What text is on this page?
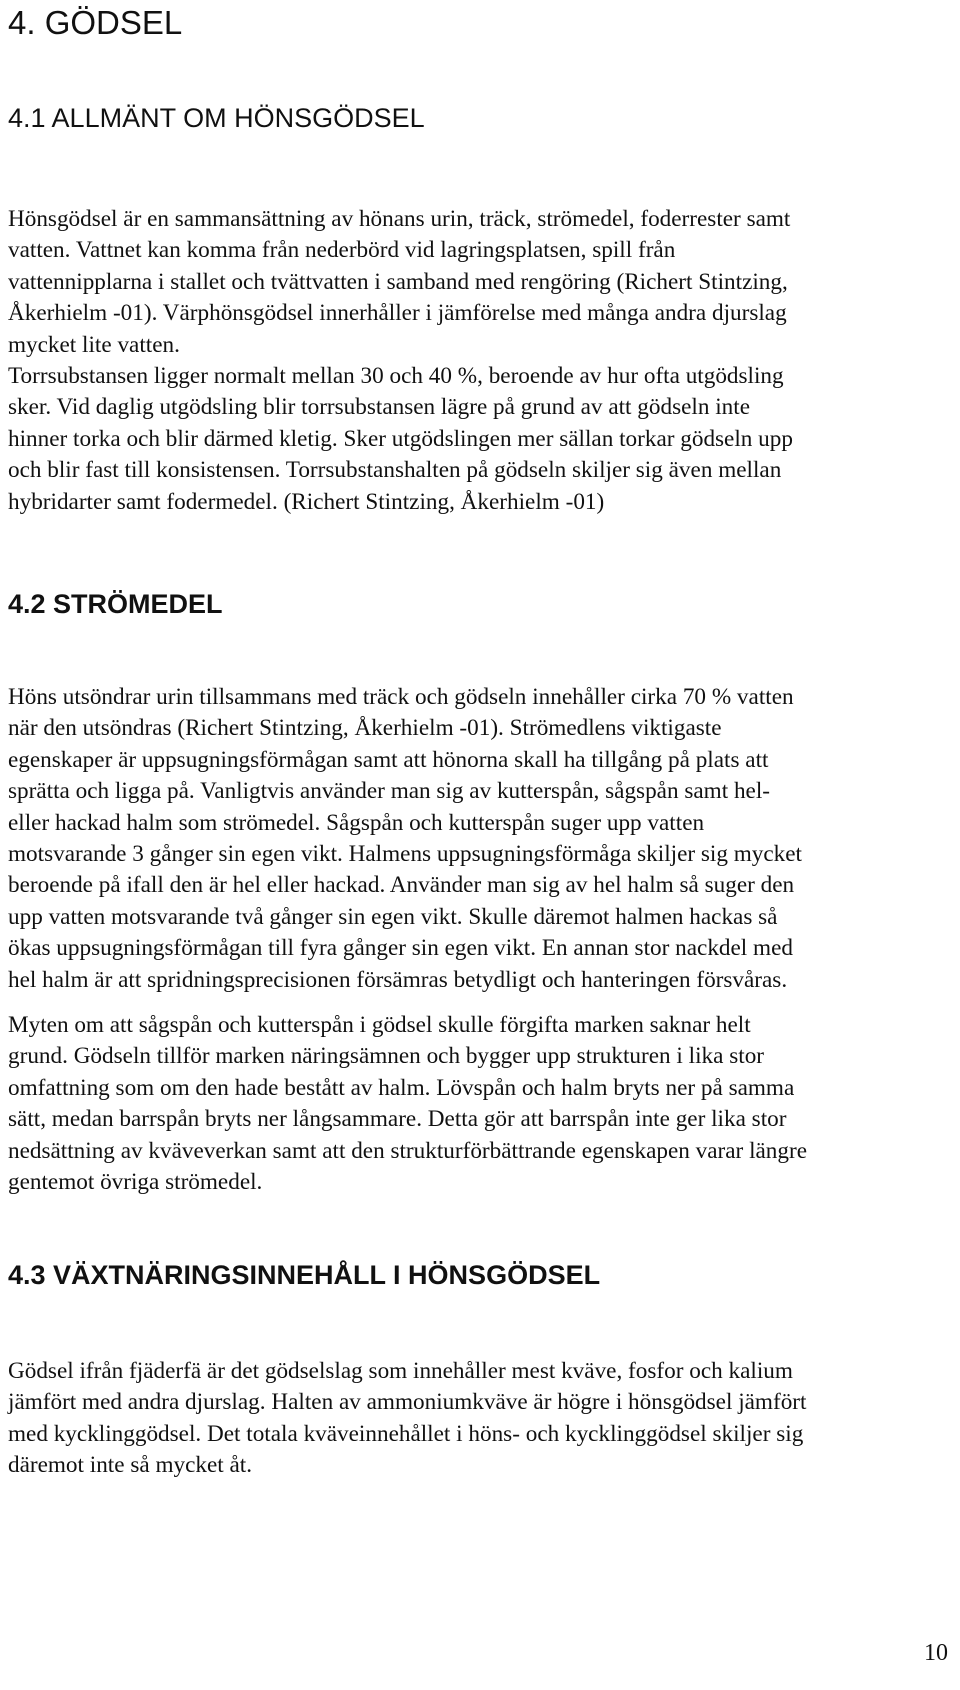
4. GÖDSEL
4.1 ALLMÄNT OM HÖNSGÖDSEL
Hönsgödsel är en sammansättning av hönans urin, träck, strömedel, foderrester samt
vatten. Vattnet kan komma från nederbörd vid lagringsplatsen, spill från
vattennipplarna i stallet och tvättvatten i samband med rengöring (Richert Stintzing,
Åkerhielm -01). Värphönsgödsel innerhåller i jämförelse med många andra djurslag
mycket lite vatten.
Torrsubstansen ligger normalt mellan 30 och 40 %, beroende av hur ofta utgödsling
sker. Vid daglig utgödsling blir torrsubstansen lägre på grund av att gödseln inte
hinner torka och blir därmed kletig. Sker utgödslingen mer sällan torkar gödseln upp
och blir fast till konsistensen. Torrsubstanshalten på gödseln skiljer sig även mellan
hybridarter samt fodermedel. (Richert Stintzing, Åkerhielm -01)
4.2 STRÖMEDEL
Höns utsöndrar urin tillsammans med träck och gödseln innehåller cirka 70 % vatten
när den utsöndras (Richert Stintzing, Åkerhielm -01). Strömedlens viktigaste
egenskaper är uppsugningsförmågan samt att hönorna skall ha tillgång på plats att
sprätta och ligga på. Vanligtvis använder man sig av kutterspån, sågspån samt hel-
eller hackad halm som strömedel. Sågspån och kutterspån suger upp vatten
motsvarande 3 gånger sin egen vikt. Halmens uppsugningsförmåga skiljer sig mycket
beroende på ifall den är hel eller hackad. Använder man sig av hel halm så suger den
upp vatten motsvarande två gånger sin egen vikt. Skulle däremot halmen hackas så
ökas uppsugningsförmågan till fyra gånger sin egen vikt. En annan stor nackdel med
hel halm är att spridningsprecisionen försämras betydligt och hanteringen försvåras.
Myten om att sågspån och kutterspån i gödsel skulle förgifta marken saknar helt
grund. Gödseln tillför marken näringsämnen och bygger upp strukturen i lika stor
omfattning som om den hade bestått av halm. Lövspån och halm bryts ner på samma
sätt, medan barrspån bryts ner långsammare. Detta gör att barrspån inte ger lika stor
nedsättning av kväveverkan samt att den strukturförbättrande egenskapen varar längre
gentemot övriga strömedel.
4.3 VÄXTNÄRINGSINNEHÅLL I HÖNSGÖDSEL
Gödsel ifrån fjäderfä är det gödselslag som innehåller mest kväve, fosfor och kalium
jämfört med andra djurslag. Halten av ammoniumkväve är högre i hönsgödsel jämfört
med kycklinggödsel. Det totala kväveinnehållet i höns- och kycklinggödsel skiljer sig
däremot inte så mycket åt.
10
